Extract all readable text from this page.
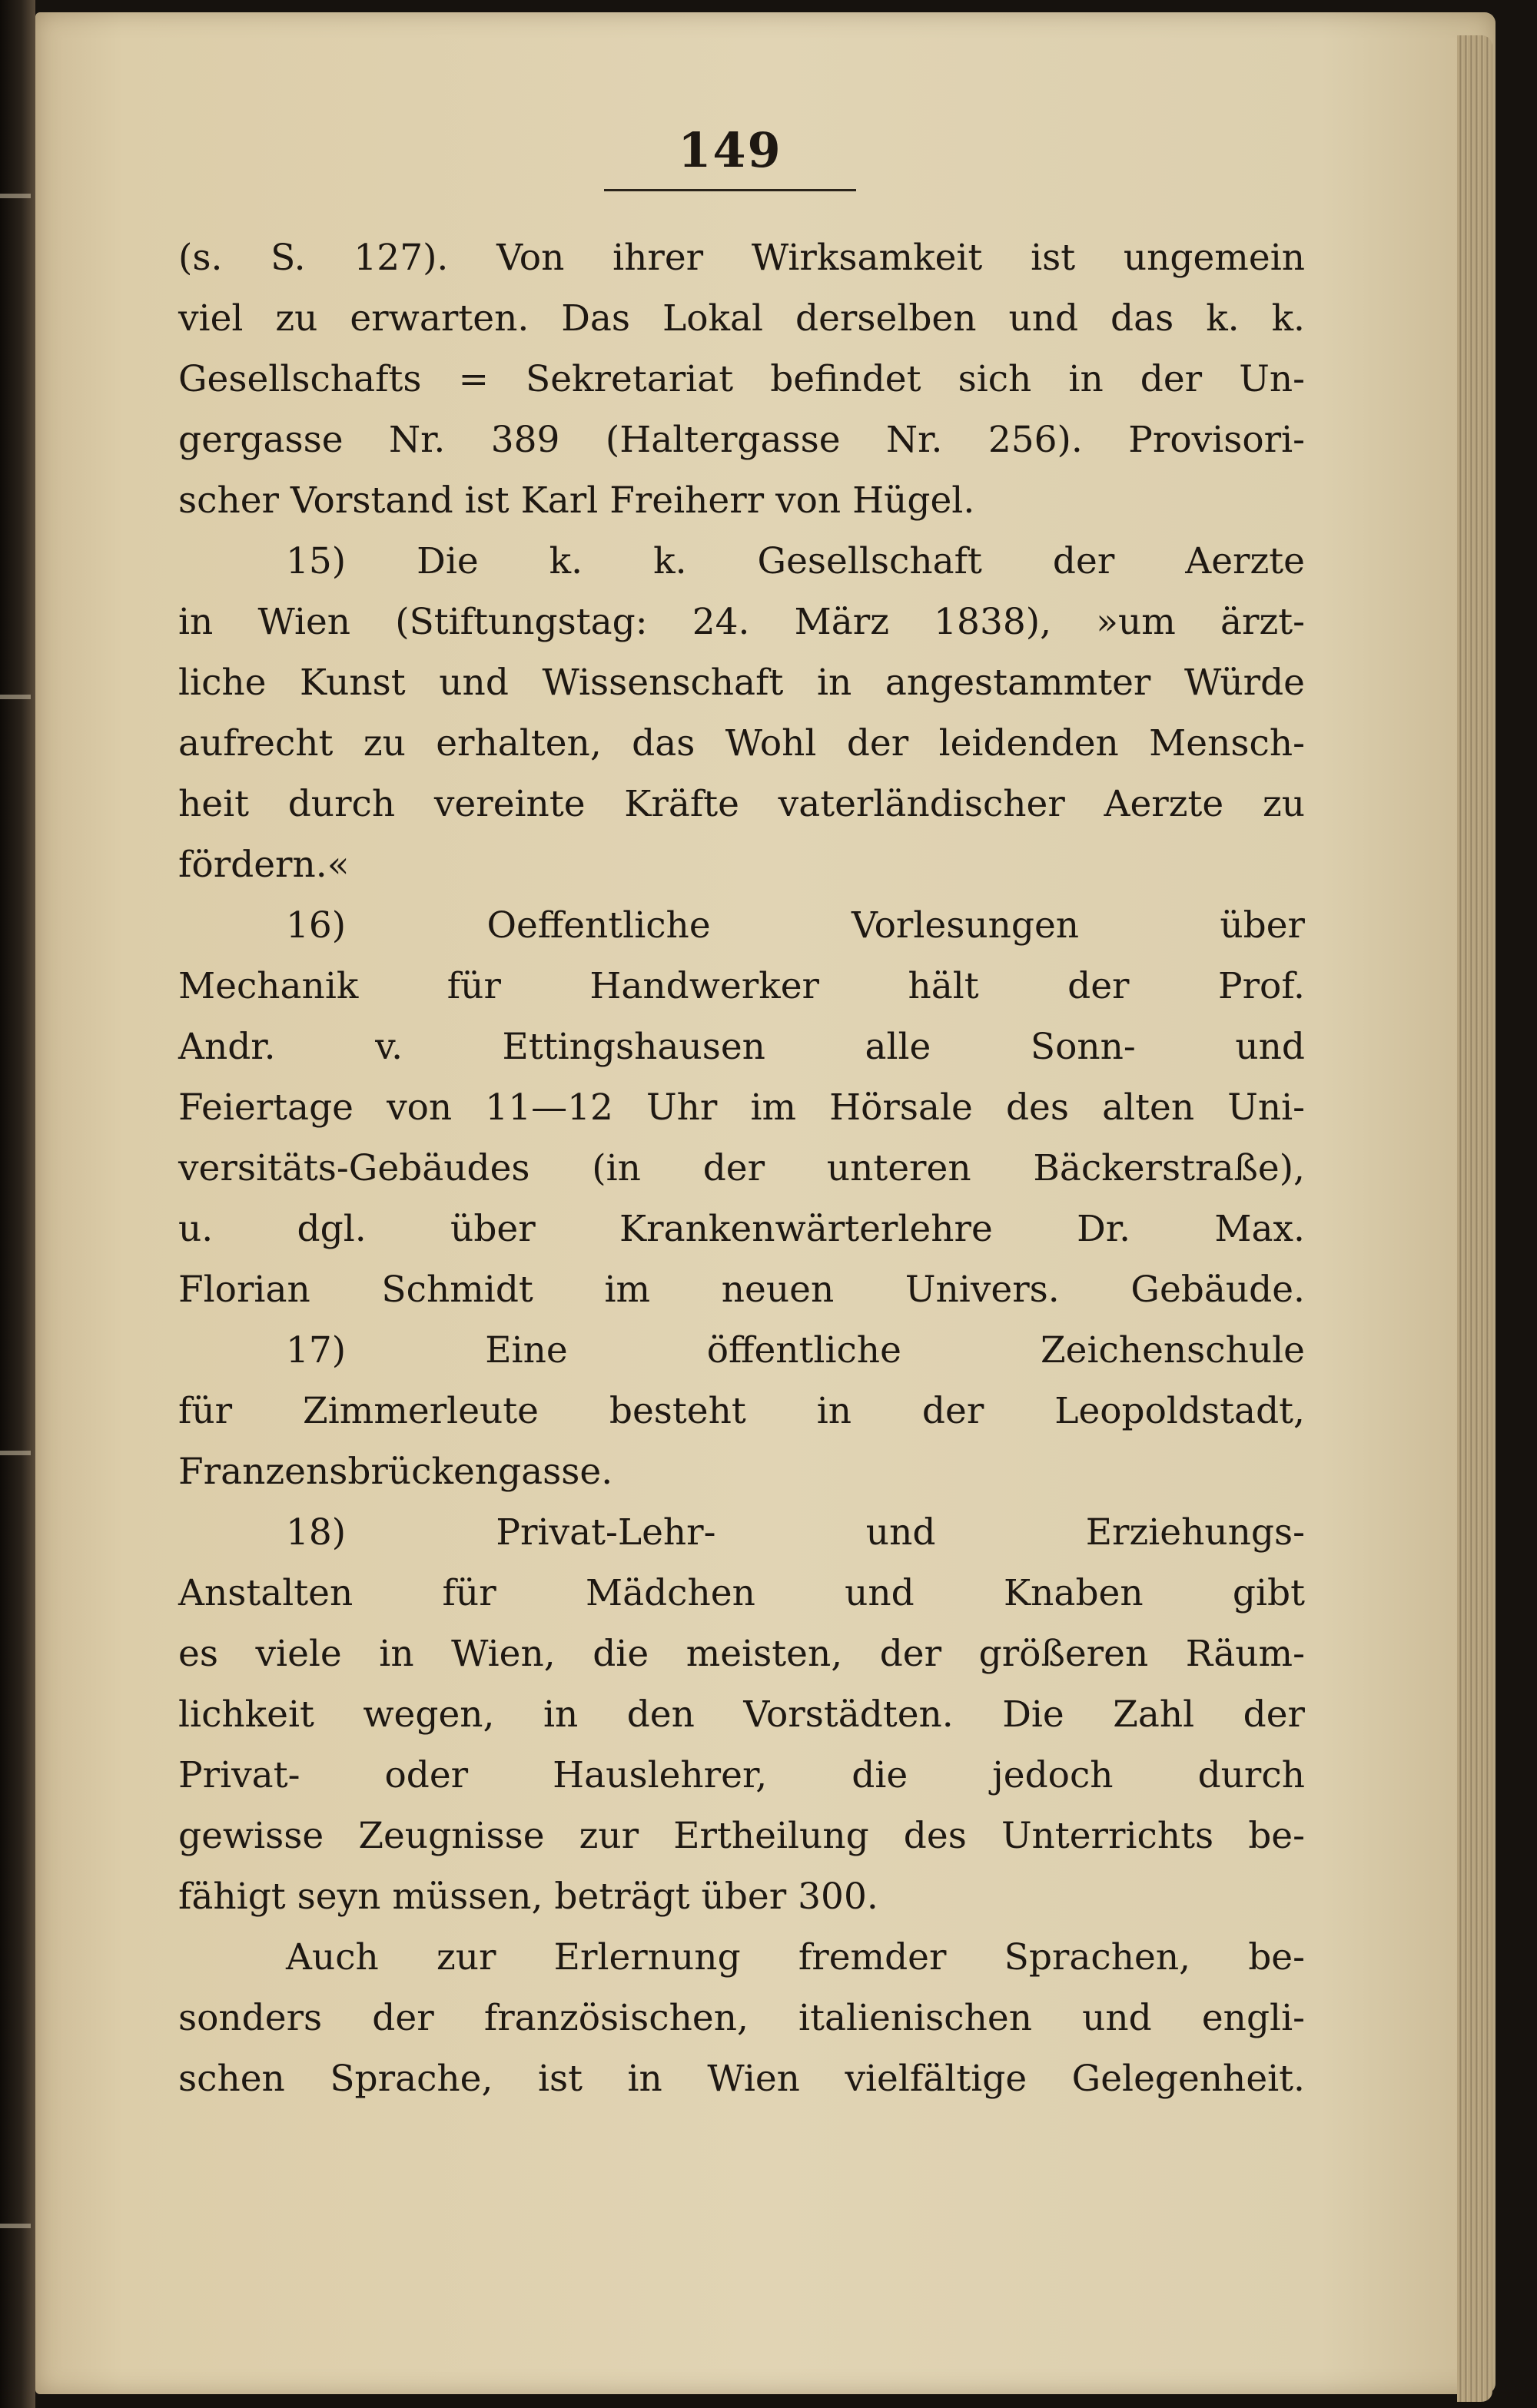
149
(s. S. 127). Von ihrer Wirksamkeit ist ungemein
viel zu erwarten. Das Lokal derselben und das k. k.
Gesellschafts = Sekretariat befindet sich in der Un-
gergasse Nr. 389 (Haltergasse Nr. 256). Provisori-
scher Vorstand ist Karl Freiherr von Hügel.
15) Die k. k. Gesellschaft der Aerzte
in Wien (Stiftungstag: 24. März 1838), »um ärzt-
liche Kunst und Wissenschaft in angestammter Würde
aufrecht zu erhalten, das Wohl der leidenden Mensch-
heit durch vereinte Kräfte vaterländischer Aerzte zu
fördern.«
16) Oeffentliche Vorlesungen über
Mechanik für Handwerker hält der Prof.
Andr. v. Ettingshausen alle Sonn- und
Feiertage von 11—12 Uhr im Hörsale des alten Uni-
versitäts-Gebäudes (in der unteren Bäckerstraße),
u. dgl. über Krankenwärterlehre Dr. Max.
Florian Schmidt im neuen Univers. Gebäude.
17) Eine öffentliche Zeichenschule
für Zimmerleute besteht in der Leopoldstadt,
Franzensbrückengasse.
18) Privat-Lehr- und Erziehungs-
Anstalten für Mädchen und Knaben gibt
es viele in Wien, die meisten, der größeren Räum-
lichkeit wegen, in den Vorstädten. Die Zahl der
Privat- oder Hauslehrer, die jedoch durch
gewisse Zeugnisse zur Ertheilung des Unterrichts be-
fähigt seyn müssen, beträgt über 300.
Auch zur Erlernung fremder Sprachen, be-
sonders der französischen, italienischen und engli-
schen Sprache, ist in Wien vielfältige Gelegenheit.
